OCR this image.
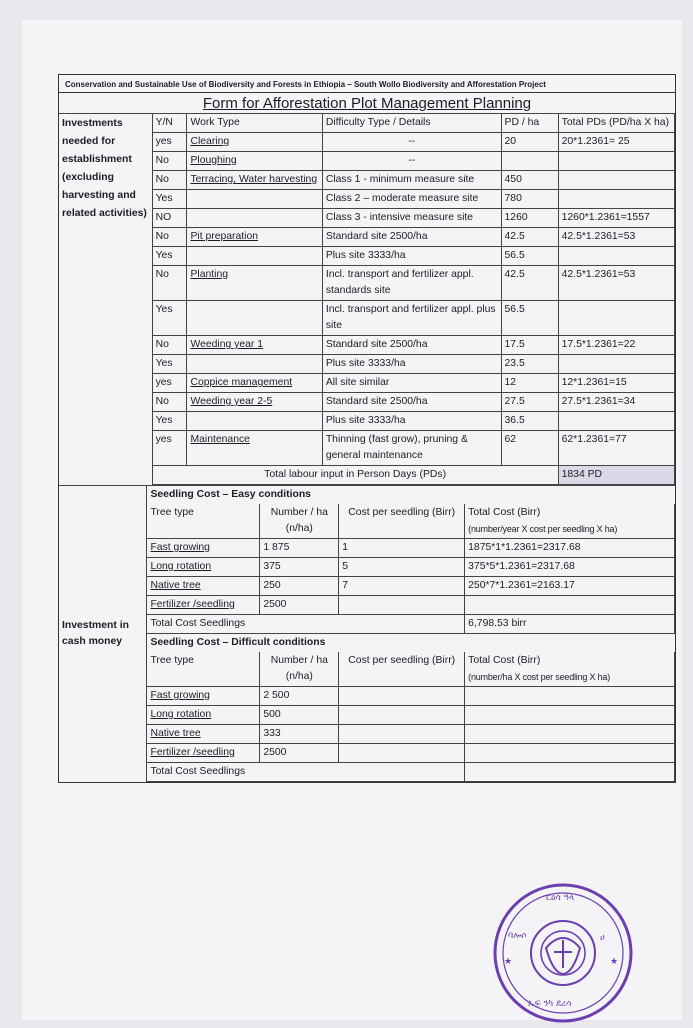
Conservation and Sustainable Use of Biodiversity and Forests in Ethiopia – South Wollo Biodiversity and Afforestation Project
Form for Afforestation Plot Management Planning
Investments needed for establishment (excluding harvesting and related activities)	Y/N	Work Type	Difficulty Type / Details	PD / ha	Total PDs (PD/ha X ha)
	yes	Clearing	--	20	20*1.2361= 25
	No	Ploughing	--		
	No	Terracing, Water harvesting	Class 1 - minimum measure site	450	
	Yes		Class 2 – moderate measure site	780	
	NO		Class 3 - intensive measure site	1260	1260*1.2361=1557
	No	Pit preparation	Standard site 2500/ha	42.5	42.5*1.2361=53
	Yes		Plus site 3333/ha	56.5	
	No	Planting	Incl. transport and fertilizer appl. standards site	42.5	42.5*1.2361=53
	Yes		Incl. transport and fertilizer appl. plus site	56.5	
	No	Weeding year 1	Standard site 2500/ha	17.5	17.5*1.2361=22
	Yes		Plus site 3333/ha	23.5	
	yes	Coppice management	All site similar	12	12*1.2361=15
	No	Weeding year 2-5	Standard site 2500/ha	27.5	27.5*1.2361=34
	Yes		Plus site 3333/ha	36.5	
	yes	Maintenance	Thinning (fast grow), pruning & general maintenance	62	62*1.2361=77
	Total labour input in Person Days (PDs)				1834 PD
Investment in cash money	Seedling Cost – Easy conditions			
	Tree type	Number / ha (n/ha)	Cost per seedling (Birr)	Total Cost (Birr)
(number/year X cost per seedling X ha)

	Fast growing	1 875	1	1875*1*1.2361=2317.68
	Long rotation	375	5	375*5*1.2361=2317.68
	Native tree	250	7	250*7*1.2361=2163.17
	Fertilizer /seedling	2500		
	Total Cost Seedlings			6,798.53 birr
	Seedling Cost – Difficult conditions			
	Tree type	Number / ha (n/ha)	Cost per seedling (Birr)	Total Cost (Birr)
(number/ha X cost per seedling X ha)

	Fast growing	2 500		
	Long rotation	500		
	Native tree	333		
	Fertilizer /seedling	2500		
	Total Cost Seedlings			
ርዕሳ ዓላ
ባሎሶ	ሀ
ኤፍ ንካ ደረሳ
★	★
